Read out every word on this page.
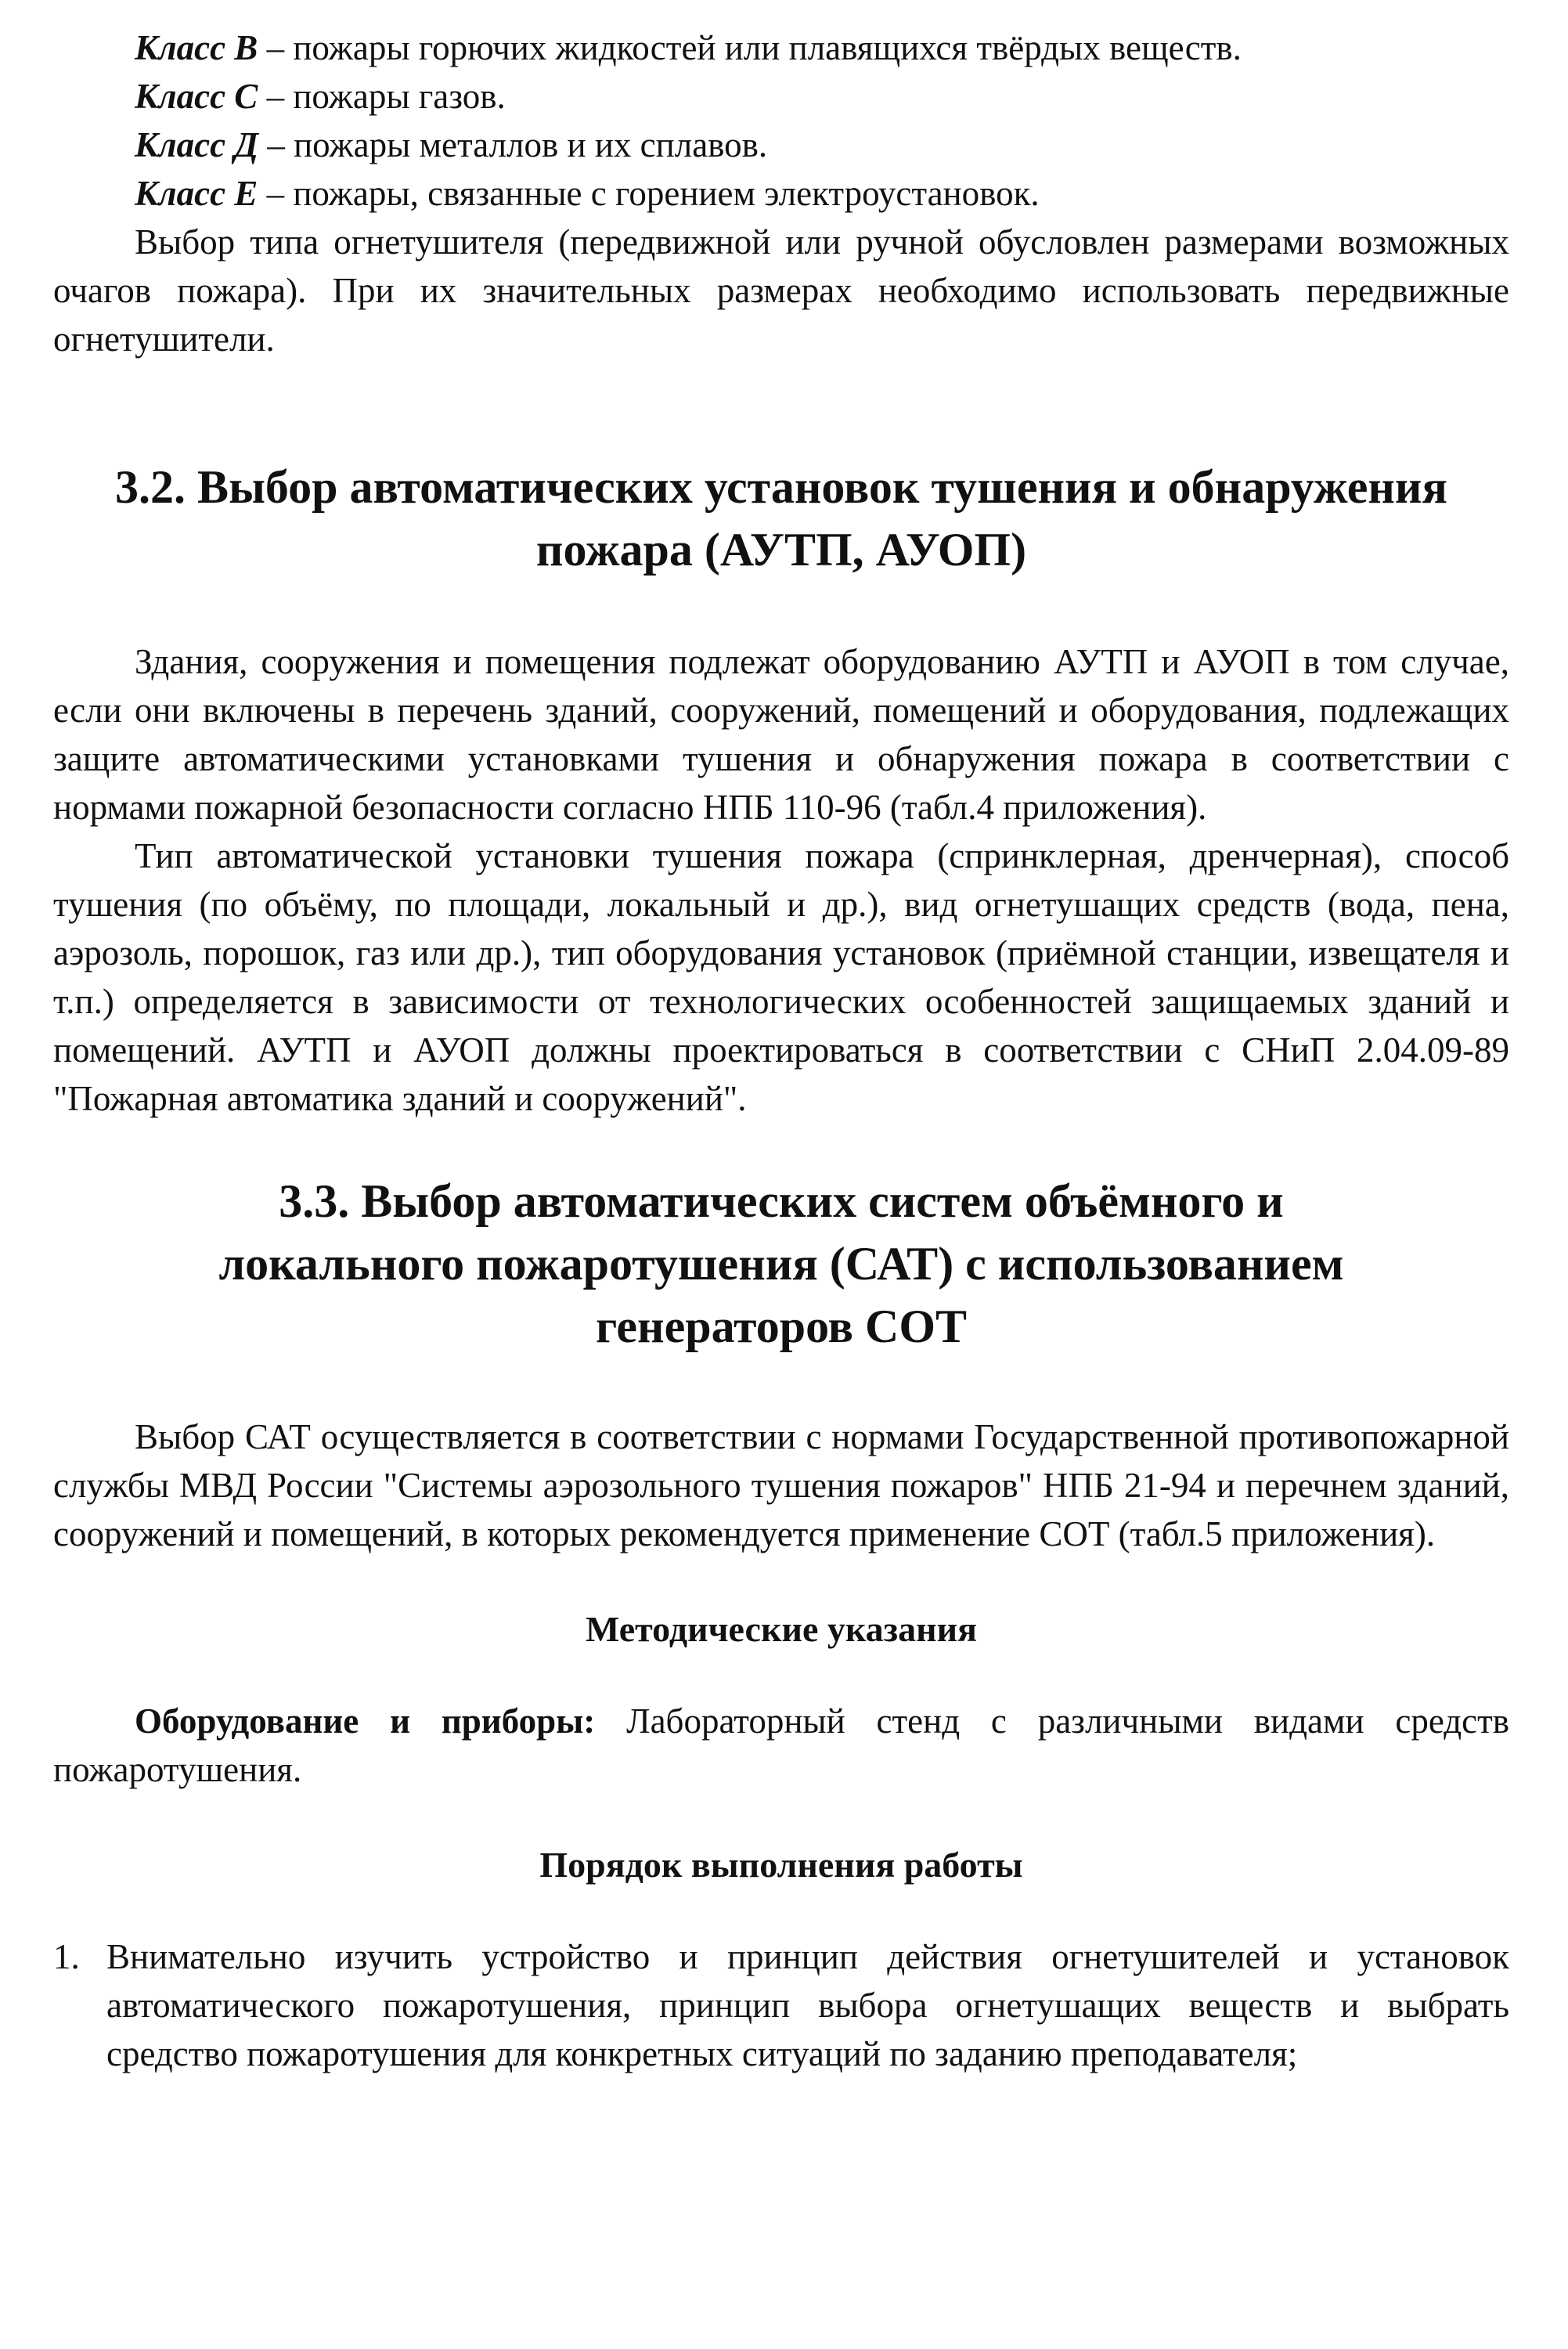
Класс В – пожары горючих жидкостей или плавящихся твёрдых веществ.

Класс С – пожары газов.

Класс Д – пожары металлов и их сплавов.

Класс Е – пожары, связанные с горением электроустановок.

Выбор типа огнетушителя (передвижной или ручной обусловлен размерами возможных очагов пожара). При их значительных размерах необходимо использовать передвижные огнетушители.

3.2. Выбор автоматических установок тушения и обнаружения пожара (АУТП, АУОП)

Здания, сооружения и помещения подлежат оборудованию АУТП и АУОП в том случае, если они включены в перечень зданий, сооружений, помещений и оборудования, подлежащих защите автоматическими установками тушения и обнаружения пожара в соответствии с нормами пожарной безопасности согласно НПБ 110-96 (табл.4 приложения).

Тип автоматической установки тушения пожара (спринклерная, дренчерная), способ тушения (по объёму, по площади, локальный и др.), вид огнетушащих средств (вода, пена, аэрозоль, порошок, газ или др.), тип оборудования установок (приёмной станции, извещателя и т.п.) определяется в зависимости от технологических особенностей защищаемых зданий и помещений. АУТП и АУОП должны проектироваться в соответствии с СНиП 2.04.09-89 "Пожарная автоматика зданий и сооружений".

3.3. Выбор автоматических систем объёмного и
локального пожаротушения (САТ) с использованием
генераторов СОТ

Выбор САТ осуществляется в соответствии с нормами Государственной противопожарной службы МВД России "Системы аэрозольного тушения пожаров" НПБ 21-94 и перечнем зданий, сооружений и помещений, в которых рекомендуется применение СОТ (табл.5 приложения).

Методические указания

Оборудование и приборы: Лабораторный стенд с различными видами средств пожаротушения.

Порядок выполнения работы

1. Внимательно изучить устройство и принцип действия огнетушителей и установок автоматического пожаротушения, принцип выбора огнетушащих веществ и выбрать средство пожаротушения для конкретных ситуаций по заданию преподавателя;
